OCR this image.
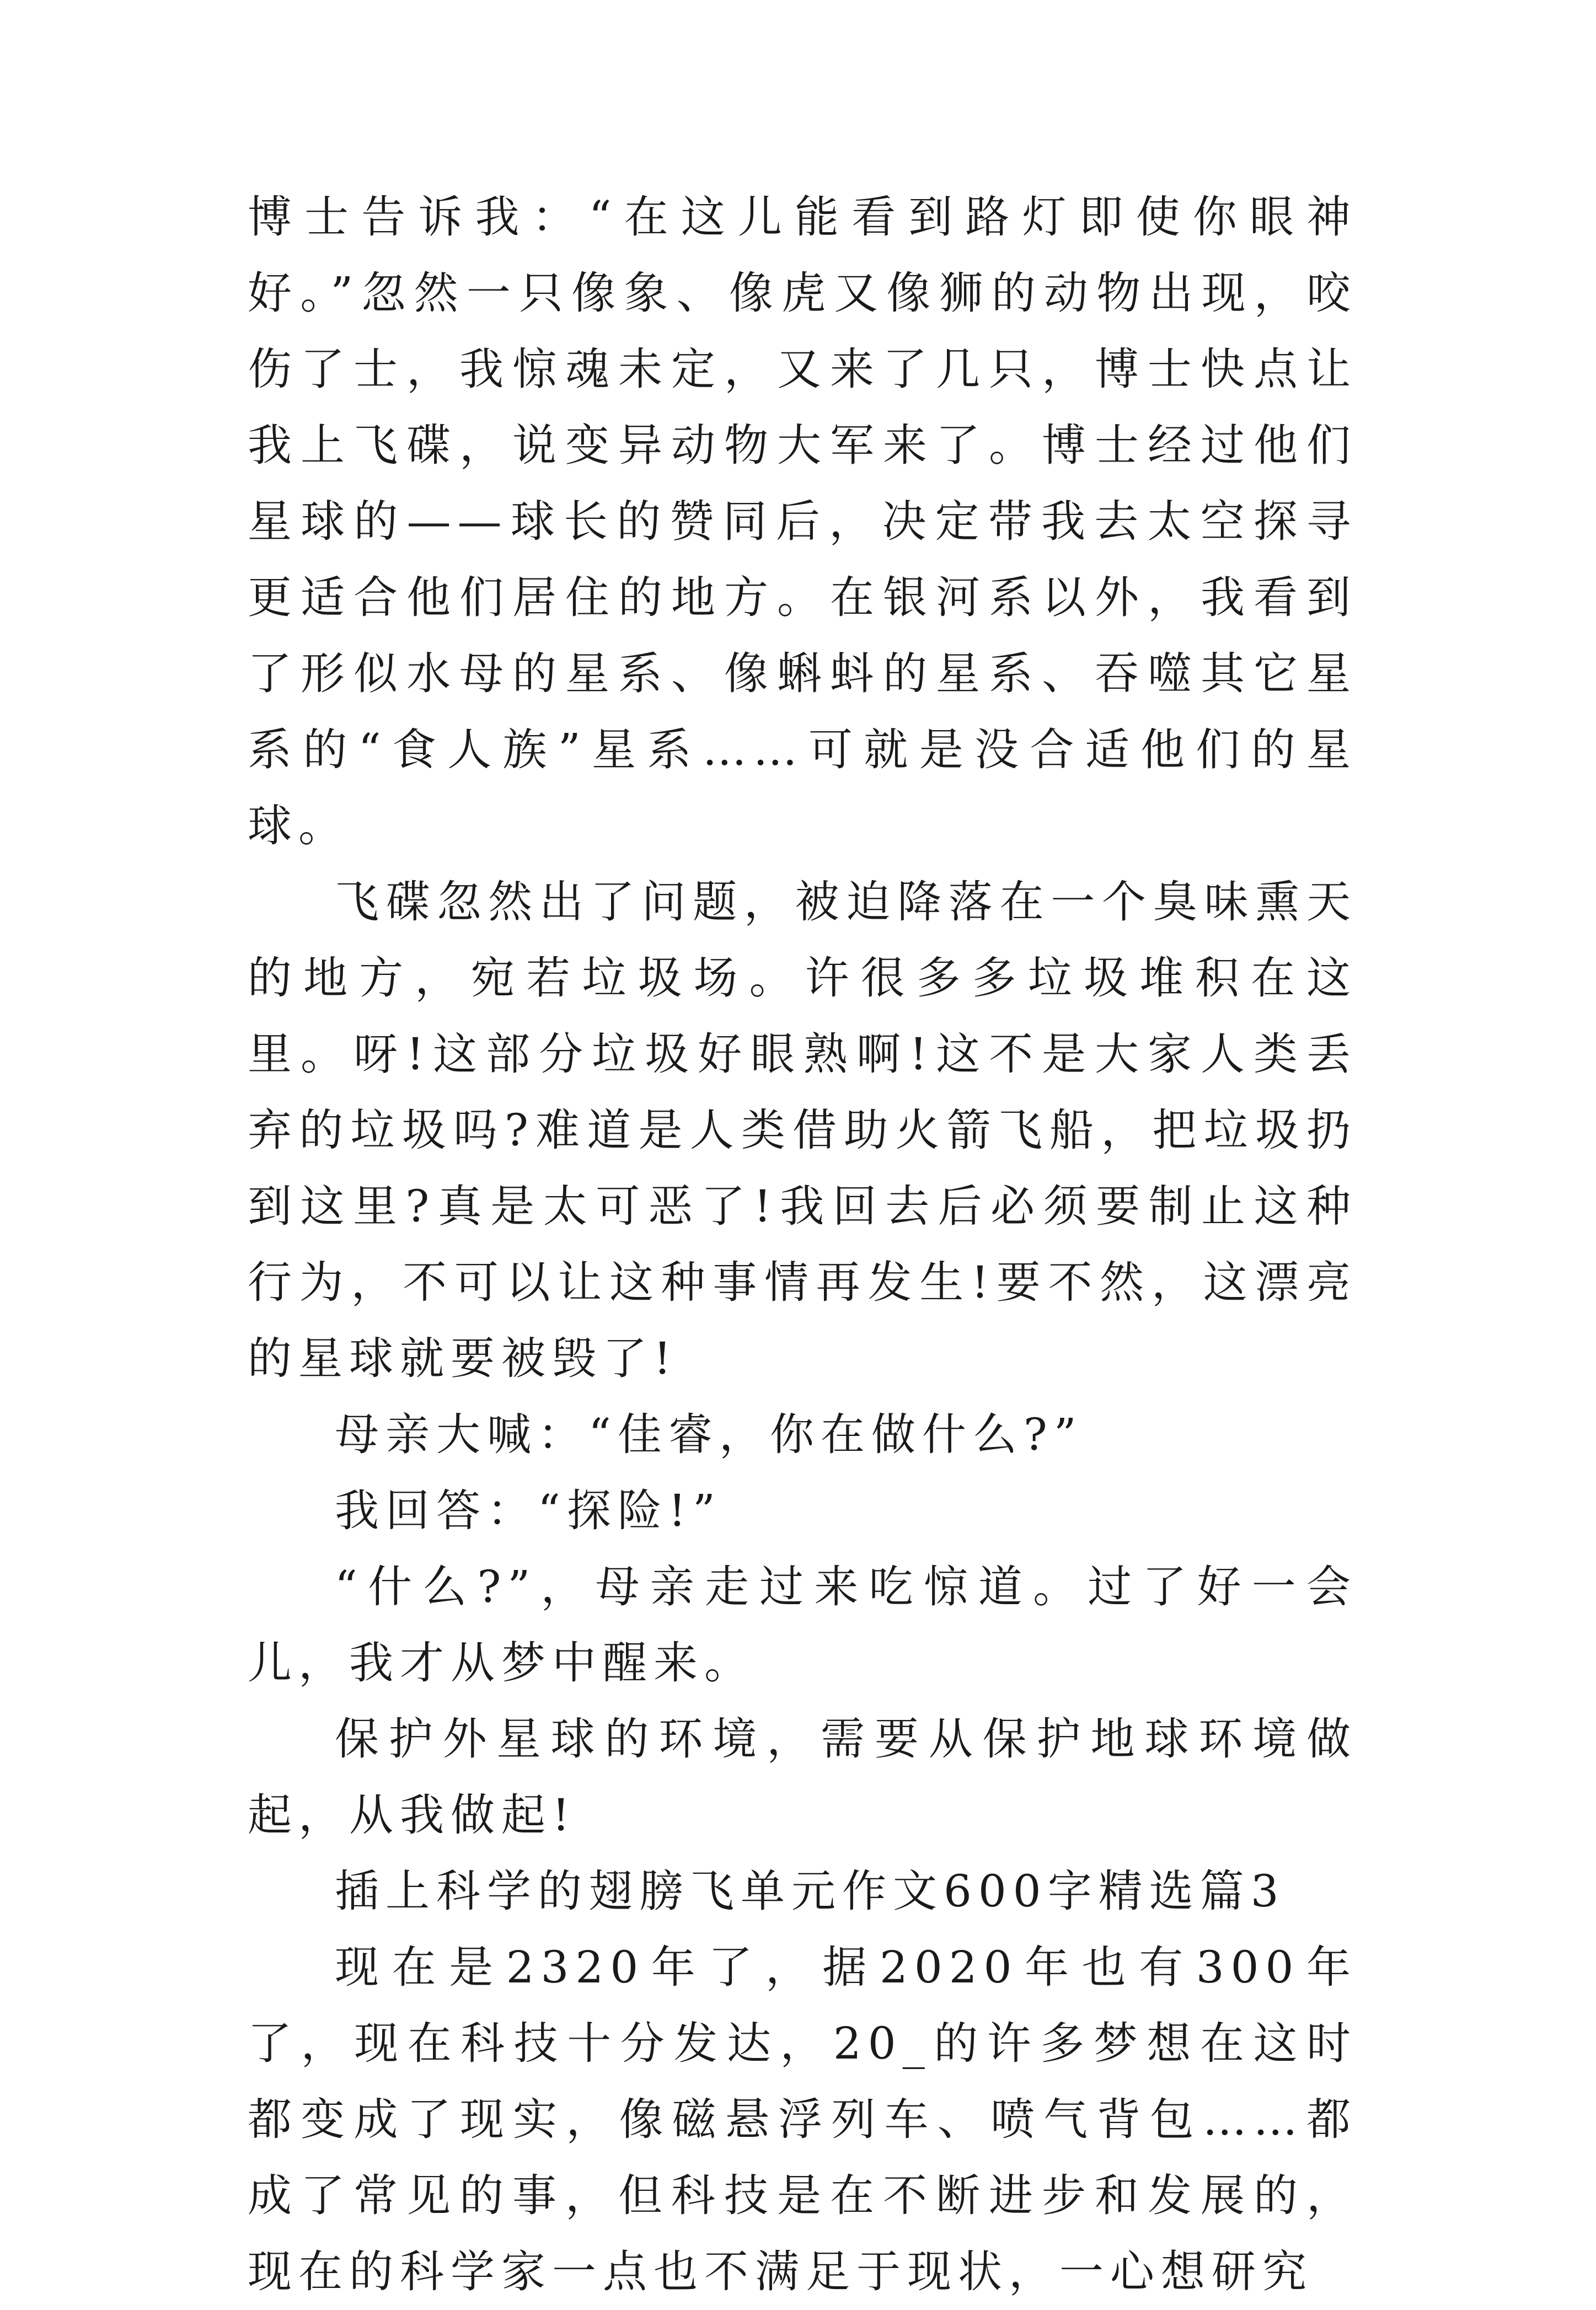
博士告诉我：“在这儿能看到路灯即使你眼神好。”忽然一只像象、像虎又像狮的动物出现，咬伤了士，我惊魂未定，又来了几只，博士快点让我上飞碟，说变异动物大军来了。博士经过他们星球的——球长的赞同后，决定带我去太空探寻更适合他们居住的地方。在银河系以外，我看到了形似水母的星系、像蝌蚪的星系、吞噬其它星系的“食人族”星系……可就是没合适他们的星球。

飞碟忽然出了问题，被迫降落在一个臭味熏天的地方，宛若垃圾场。许很多多垃圾堆积在这里。呀!这部分垃圾好眼熟啊!这不是大家人类丢弃的垃圾吗?难道是人类借助火箭飞船，把垃圾扔到这里?真是太可恶了!我回去后必须要制止这种行为，不可以让这种事情再发生!要不然，这漂亮的星球就要被毁了!

母亲大喊：“佳睿，你在做什么?”

我回答：“探险!”

“什么?”，母亲走过来吃惊道。过了好一会儿，我才从梦中醒来。

保护外星球的环境，需要从保护地球环境做起，从我做起!

插上科学的翅膀飞单元作文600字精选篇3

现在是2320年了，据2020年也有300年了，现在科技十分发达，20_的许多梦想在这时都变成了现实，像磁悬浮列车、喷气背包……都成了常见的事，但科技是在不断进步和发展的，现在的科学家一点也不满足于现状，一心想研究
